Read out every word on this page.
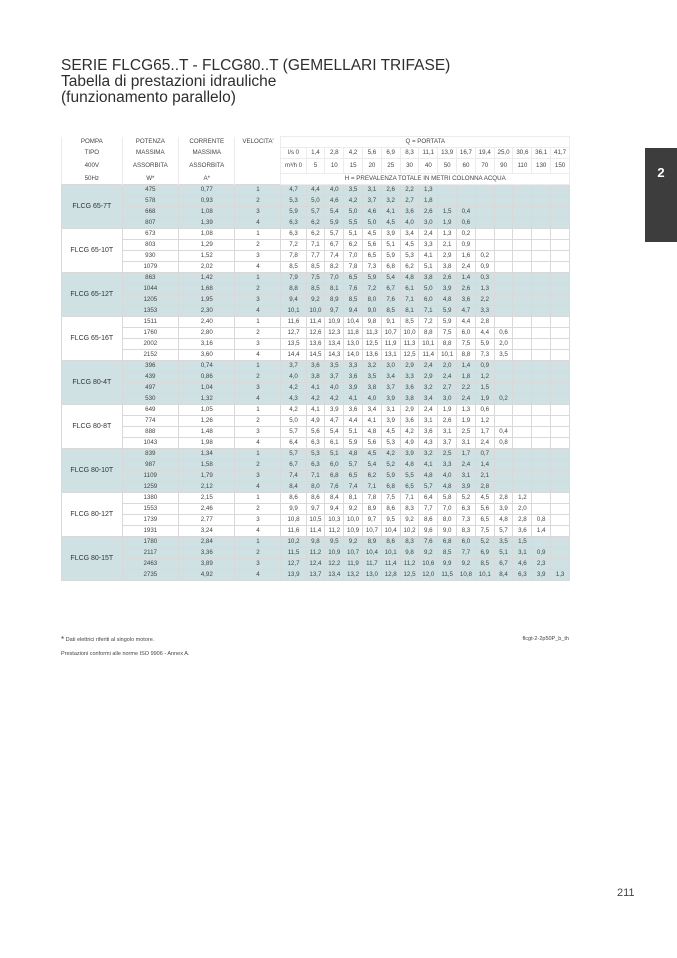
SERIE FLCG65..T - FLCG80..T (GEMELLARI TRIFASE)
Tabella di prestazioni idrauliche
(funzionamento parallelo)
2
POMPA	POTENZA	CORRENTE	VELOCITA'	Q = PORTATA														
TIPO	MASSIMA	MASSIMA		l/s 0	1,4	2,8	4,2	5,6	6,9	8,3	11,1	13,9	16,7	19,4	25,0	30,6	36,1	41,7
400V	ASSORBITA	ASSORBITA		m³/h 0	5	10	15	20	25	30	40	50	60	70	90	110	130	150
50Hz	W*	A*		H = PREVALENZA TOTALE IN METRI COLONNA ACQUA														
FLCG 65-7T	475	0,77	1	4,7	4,4	4,0	3,5	3,1	2,6	2,2	1,3							
	578	0,93	2	5,3	5,0	4,6	4,2	3,7	3,2	2,7	1,8							
	668	1,08	3	5,9	5,7	5,4	5,0	4,6	4,1	3,6	2,6	1,5	0,4					
	807	1,39	4	6,3	6,2	5,9	5,5	5,0	4,5	4,0	3,0	1,9	0,6					
FLCG 65-10T	673	1,08	1	6,3	6,2	5,7	5,1	4,5	3,9	3,4	2,4	1,3	0,2					
	803	1,29	2	7,2	7,1	6,7	6,2	5,6	5,1	4,5	3,3	2,1	0,9					
	930	1,52	3	7,8	7,7	7,4	7,0	6,5	5,9	5,3	4,1	2,9	1,6	0,2				
	1079	2,02	4	8,5	8,5	8,2	7,8	7,3	6,8	6,2	5,1	3,8	2,4	0,9				
FLCG 65-12T	863	1,42	1	7,9	7,5	7,0	6,5	5,9	5,4	4,8	3,8	2,6	1,4	0,3				
	1044	1,68	2	8,8	8,5	8,1	7,6	7,2	6,7	6,1	5,0	3,9	2,6	1,3				
	1205	1,95	3	9,4	9,2	8,9	8,5	8,0	7,6	7,1	6,0	4,8	3,6	2,2				
	1353	2,30	4	10,1	10,0	9,7	9,4	9,0	8,5	8,1	7,1	5,9	4,7	3,3				
FLCG 65-16T	1511	2,40	1	11,6	11,4	10,9	10,4	9,8	9,1	8,5	7,2	5,9	4,4	2,8				
	1760	2,80	2	12,7	12,6	12,3	11,8	11,3	10,7	10,0	8,8	7,5	6,0	4,4	0,6			
	2002	3,16	3	13,5	13,6	13,4	13,0	12,5	11,9	11,3	10,1	8,8	7,5	5,9	2,0			
	2152	3,60	4	14,4	14,5	14,3	14,0	13,6	13,1	12,5	11,4	10,1	8,8	7,3	3,5			
FLCG 80-4T	396	0,74	1	3,7	3,6	3,5	3,3	3,2	3,0	2,9	2,4	2,0	1,4	0,9				
	439	0,86	2	4,0	3,8	3,7	3,6	3,5	3,4	3,3	2,9	2,4	1,8	1,2				
	497	1,04	3	4,2	4,1	4,0	3,9	3,8	3,7	3,6	3,2	2,7	2,2	1,5				
	530	1,32	4	4,3	4,2	4,2	4,1	4,0	3,9	3,8	3,4	3,0	2,4	1,9	0,2			
FLCG 80-8T	649	1,05	1	4,2	4,1	3,9	3,6	3,4	3,1	2,9	2,4	1,9	1,3	0,6				
	774	1,26	2	5,0	4,9	4,7	4,4	4,1	3,9	3,6	3,1	2,6	1,9	1,2				
	888	1,48	3	5,7	5,6	5,4	5,1	4,8	4,5	4,2	3,6	3,1	2,5	1,7	0,4			
	1043	1,98	4	6,4	6,3	6,1	5,9	5,6	5,3	4,9	4,3	3,7	3,1	2,4	0,8			
FLCG 80-10T	839	1,34	1	5,7	5,3	5,1	4,8	4,5	4,2	3,9	3,2	2,5	1,7	0,7				
	987	1,58	2	6,7	6,3	6,0	5,7	5,4	5,2	4,8	4,1	3,3	2,4	1,4				
	1109	1,79	3	7,4	7,1	6,8	6,5	6,2	5,9	5,5	4,8	4,0	3,1	2,1				
	1259	2,12	4	8,4	8,0	7,6	7,4	7,1	6,8	6,5	5,7	4,8	3,9	2,8				
FLCG 80-12T	1380	2,15	1	8,6	8,6	8,4	8,1	7,8	7,5	7,1	6,4	5,8	5,2	4,5	2,8	1,2		
	1553	2,46	2	9,9	9,7	9,4	9,2	8,9	8,6	8,3	7,7	7,0	6,3	5,6	3,9	2,0		
	1739	2,77	3	10,8	10,5	10,3	10,0	9,7	9,5	9,2	8,6	8,0	7,3	6,5	4,8	2,8	0,8	
	1931	3,24	4	11,6	11,4	11,2	10,9	10,7	10,4	10,2	9,6	9,0	8,3	7,5	5,7	3,6	1,4	
FLCG 80-15T	1780	2,84	1	10,2	9,8	9,5	9,2	8,9	8,6	8,3	7,6	6,8	6,0	5,2	3,5	1,5		
	2117	3,36	2	11,5	11,2	10,9	10,7	10,4	10,1	9,8	9,2	8,5	7,7	6,9	5,1	3,1	0,9	
	2463	3,89	3	12,7	12,4	12,2	11,9	11,7	11,4	11,2	10,6	9,9	9,2	8,5	6,7	4,6	2,3	
	2735	4,92	4	13,9	13,7	13,4	13,2	13,0	12,8	12,5	12,0	11,5	10,8	10,1	8,4	6,3	3,9	1,3
* Dati elettrici riferiti al singolo motore.	flcgt-2-2p50P_b_th
Prestazioni conformi alle norme ISO 9906 - Annex A.
211
